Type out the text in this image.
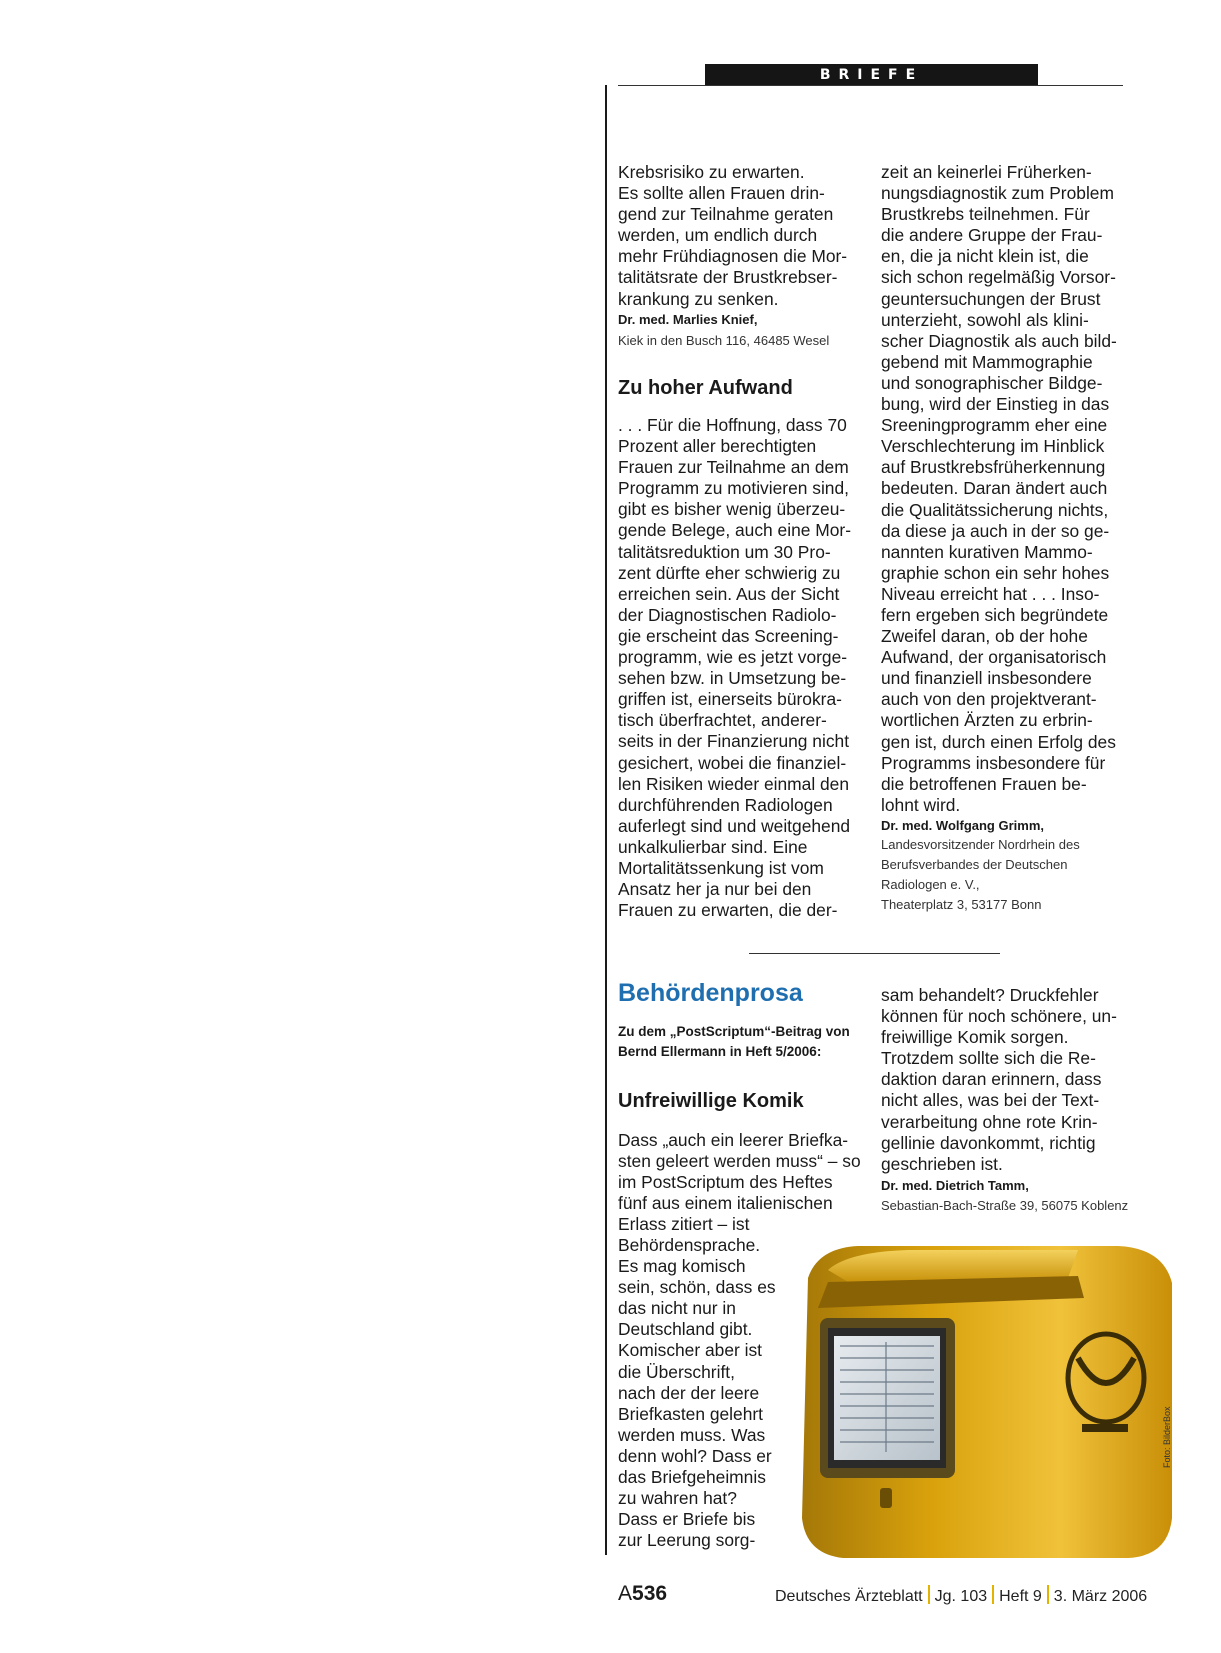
BRIEFE

Krebsrisiko zu erwarten.
Es sollte allen Frauen drin-
gend zur Teilnahme geraten
werden, um endlich durch
mehr Frühdiagnosen die Mor-
talitätsrate der Brustkrebser-
krankung zu senken.

Dr. med. Marlies Knief,
Kiek in den Busch 116, 46485 Wesel
Zu hoher Aufwand

. . . Für die Hoffnung, dass 70
Prozent aller berechtigten
Frauen zur Teilnahme an dem
Programm zu motivieren sind,
gibt es bisher wenig überzeu-
gende Belege, auch eine Mor-
talitätsreduktion um 30 Pro-
zent dürfte eher schwierig zu
erreichen sein. Aus der Sicht
der Diagnostischen Radiolo-
gie erscheint das Screening-
programm, wie es jetzt vorge-
sehen bzw. in Umsetzung be-
griffen ist, einerseits bürokra-
tisch überfrachtet, anderer-
seits in der Finanzierung nicht
gesichert, wobei die finanziel-
len Risiken wieder einmal den
durchführenden Radiologen
auferlegt sind und weitgehend
unkalkulierbar sind. Eine
Mortalitätssenkung ist vom
Ansatz her ja nur bei den
Frauen zu erwarten, die der-

zeit an keinerlei Früherken-
nungsdiagnostik zum Problem
Brustkrebs teilnehmen. Für
die andere Gruppe der Frau-
en, die ja nicht klein ist, die
sich schon regelmäßig Vorsor-
geuntersuchungen der Brust
unterzieht, sowohl als klini-
scher Diagnostik als auch bild-
gebend mit Mammographie
und sonographischer Bildge-
bung, wird der Einstieg in das
Sreeningprogramm eher eine
Verschlechterung im Hinblick
auf Brustkrebsfrüherkennung
bedeuten. Daran ändert auch
die Qualitätssicherung nichts,
da diese ja auch in der so ge-
nannten kurativen Mammo-
graphie schon ein sehr hohes
Niveau erreicht hat . . . Inso-
fern ergeben sich begründete
Zweifel daran, ob der hohe
Aufwand, der organisatorisch
und finanziell insbesondere
auch von den projektverant-
wortlichen Ärzten zu erbrin-
gen ist, durch einen Erfolg des
Programms insbesondere für
die betroffenen Frauen be-
lohnt wird.

Dr. med. Wolfgang Grimm,
Landesvorsitzender Nordrhein des
Berufsverbandes der Deutschen
Radiologen e. V.,
Theaterplatz 3, 53177 Bonn
Behördenprosa
Zu dem „PostScriptum“-Beitrag von
Bernd Ellermann in Heft 5/2006:
Unfreiwillige Komik

Dass „auch ein leerer Briefka-
sten geleert werden muss“ – so
im PostScriptum des Heftes
fünf aus einem italienischen
Erlass zitiert – ist

Behördensprache.
Es mag komisch
sein, schön, dass es
das nicht nur in
Deutschland gibt.
Komischer aber ist
die Überschrift,
nach der der leere
Briefkasten gelehrt
werden muss. Was
denn wohl? Dass er
das Briefgeheimnis
zu wahren hat?
Dass er Briefe bis
zur Leerung sorg-

sam behandelt? Druckfehler
können für noch schönere, un-
freiwillige Komik sorgen.
Trotzdem sollte sich die Re-
daktion daran erinnern, dass
nicht alles, was bei der Text-
verarbeitung ohne rote Krin-
gellinie davonkommt, richtig
geschrieben ist.

Dr. med. Dietrich Tamm,
Sebastian-Bach-Straße 39, 56075 Koblenz
Foto: BilderBox
A536	Deutsches Ärzteblatt Jg. 103 Heft 9 3. März 2006
